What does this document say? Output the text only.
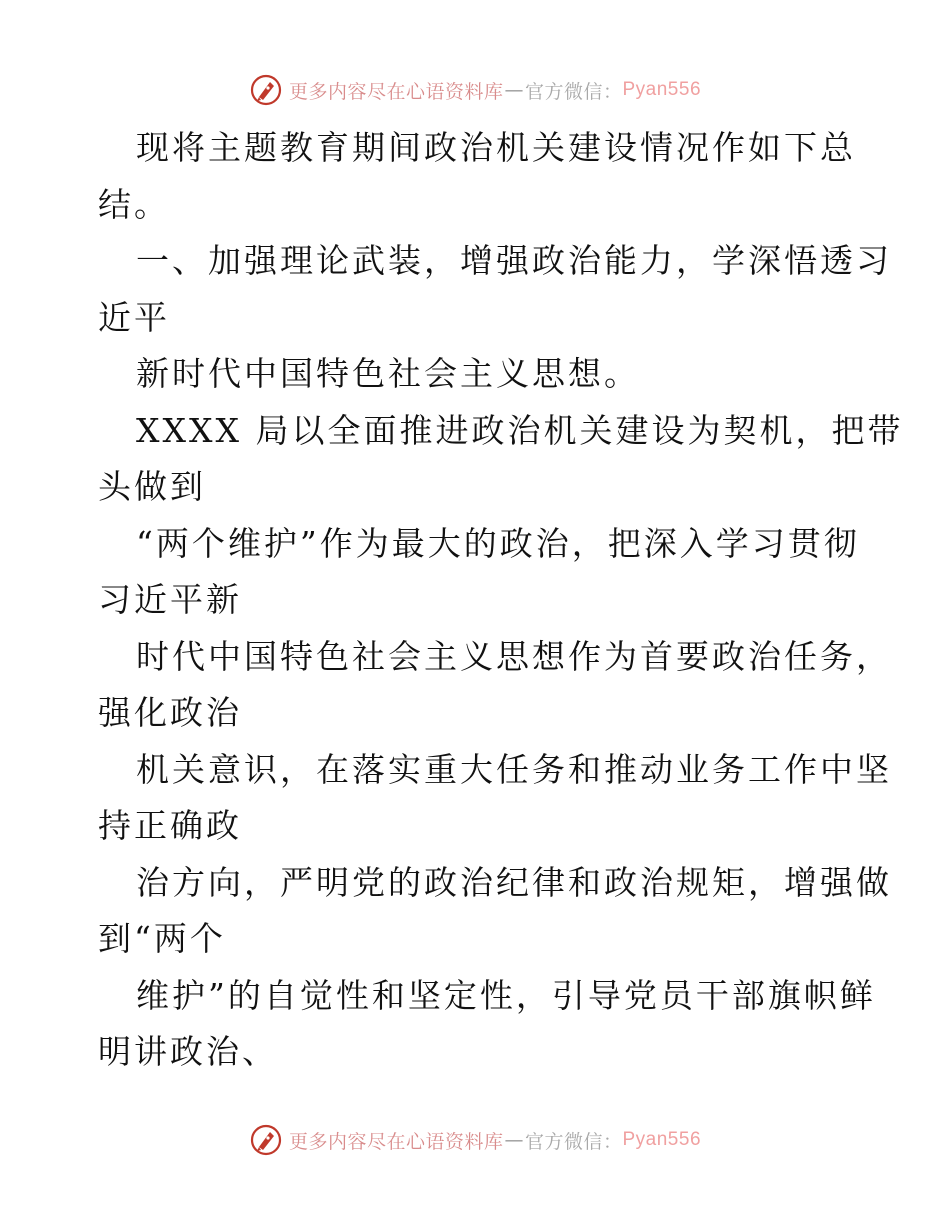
更多内容尽在心语资料库 — 官方微信： Pyan556
现将主题教育期间政治机关建设情况作如下总
结。
一、加强理论武装，增强政治能力，学深悟透习
近平
新时代中国特色社会主义思想。
XXXX 局以全面推进政治机关建设为契机，把带
头做到
“两个维护”作为最大的政治，把深入学习贯彻
习近平新
时代中国特色社会主义思想作为首要政治任务，
强化政治
机关意识，在落实重大任务和推动业务工作中坚
持正确政
治方向，严明党的政治纪律和政治规矩，增强做
到“两个
维护”的自觉性和坚定性，引导党员干部旗帜鲜
明讲政治、
更多内容尽在心语资料库 — 官方微信： Pyan556
